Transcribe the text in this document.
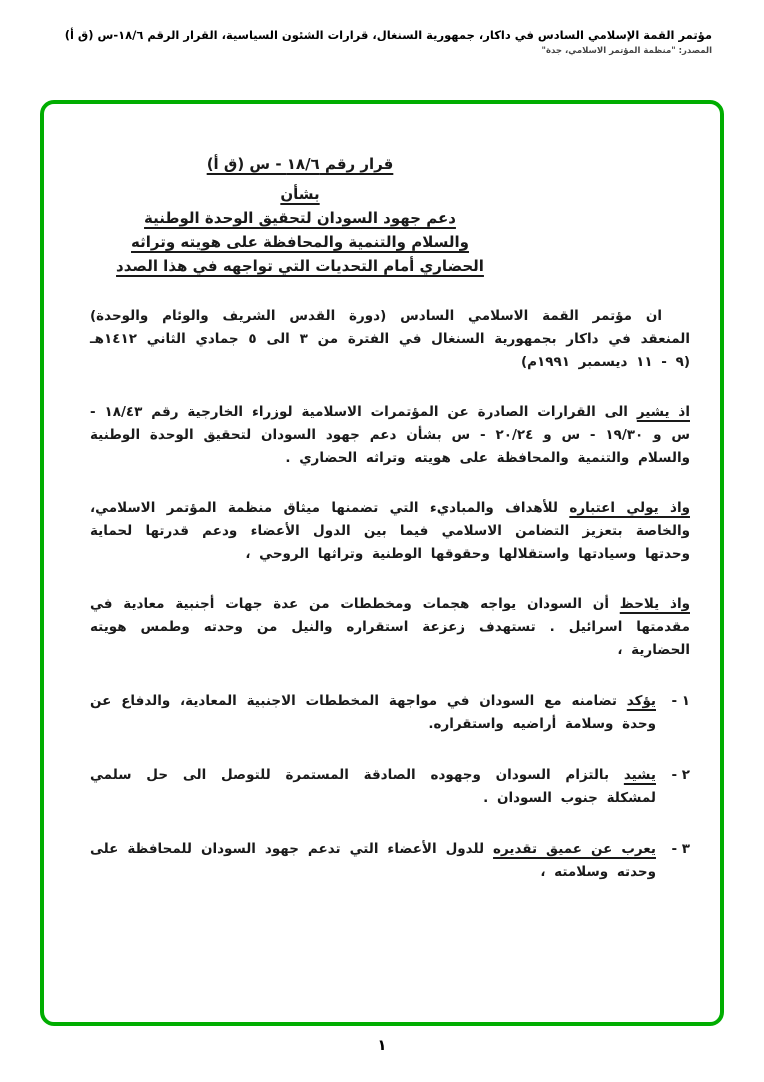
مؤتمر القمة الإسلامي السادس في داكار، جمهورية السنغال، قرارات الشئون السياسية، القرار الرقم ١٨/٦-س (ق أ)
المصدر: "منظمة المؤتمر الاسلامي، جدة"
قرار رقم ١٨/٦ - س (ق أ)
بشأن
دعم جهود السودان لتحقيق الوحدة الوطنية
والسلام والتنمية والمحافظة على هويته وتراثه
الحضاري أمام التحديات التي تواجهه في هذا الصدد
ان مؤتمر القمة الاسلامي السادس (دورة القدس الشريف والوئام والوحدة) المنعقد في داكار بجمهورية السنغال في الفترة من ٣ الى ٥ جمادي الثاني ١٤١٢هـ (٩ - ١١ ديسمبر ١٩٩١م)
اذ يشير الى القرارات الصادرة عن المؤتمرات الاسلامية لوزراء الخارجية رقم ١٨/٤٣ - س و ١٩/٣٠ - س و ٢٠/٢٤ - س بشأن دعم جهود السودان لتحقيق الوحدة الوطنية والسلام والتنمية والمحافظة على هويته وتراثه الحضاري .
واذ يولي اعتباره للأهداف والمباديء التي تضمنها ميثاق منظمة المؤتمر الاسلامي، والخاصة بتعزيز التضامن الاسلامي فيما بين الدول الأعضاء ودعم قدرتها لحماية وحدتها وسيادتها واستقلالها وحقوقها الوطنية وتراثها الروحي ،
واذ يلاحظ أن السودان يواجه هجمات ومخططات من عدة جهات أجنبية معادية في مقدمتها اسرائيل . تستهدف زعزعة استقراره والنيل من وحدته وطمس هويته الحضارية ،
١ -
يؤكد تضامنه مع السودان في مواجهة المخططات الاجنبية المعادية، والدفاع عن وحدة وسلامة أراضيه واستقراره.
٢ -
يشيد بالتزام السودان وجهوده الصادقة المستمرة للتوصل الى حل سلمي لمشكلة جنوب السودان .
٣ -
يعرب عن عميق تقديره للدول الأعضاء التي تدعم جهود السودان للمحافظة على وحدته وسلامته ،
١
